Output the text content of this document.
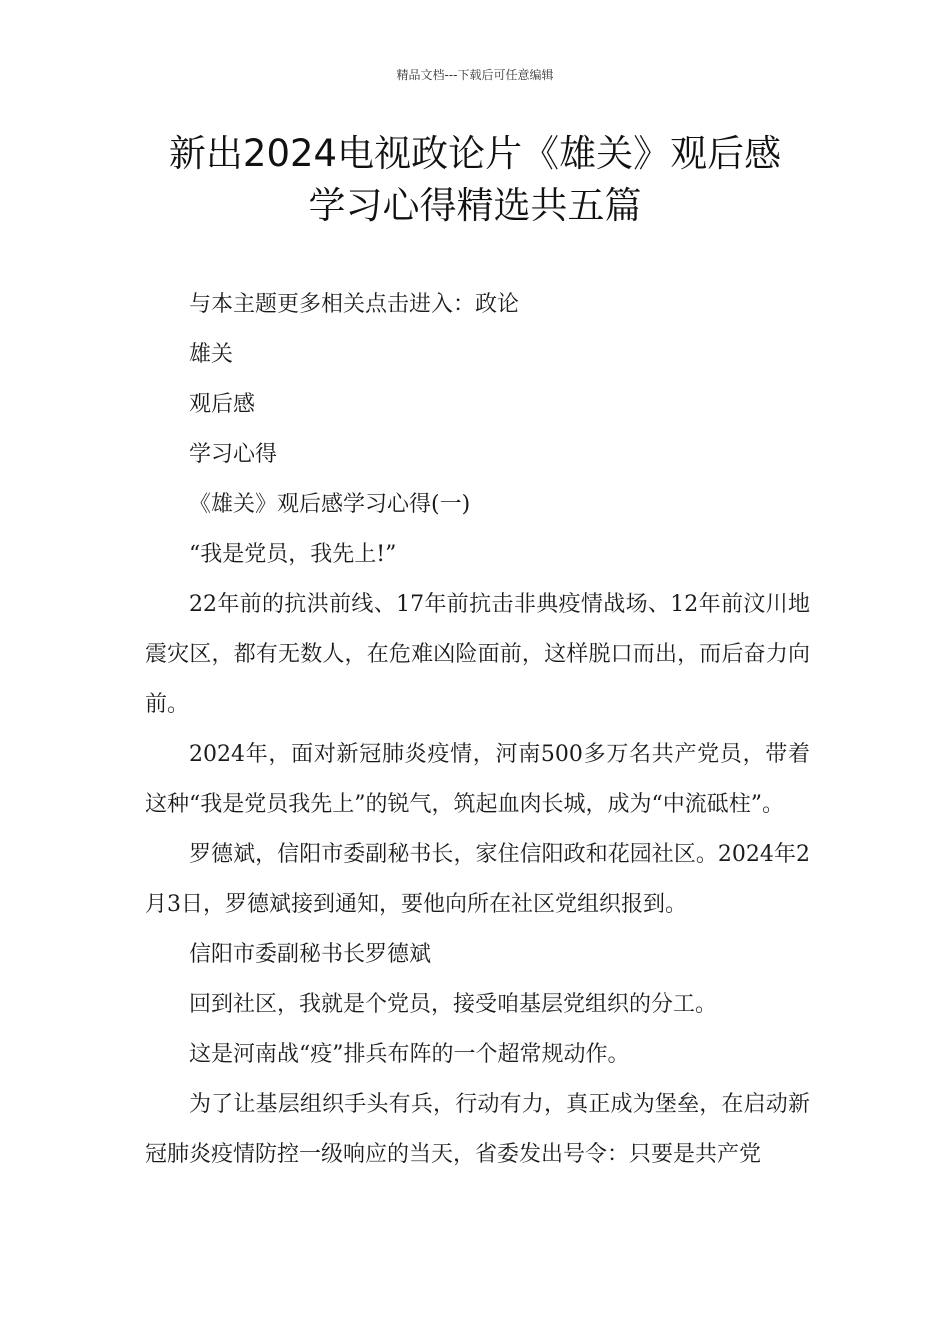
精品文档---下载后可任意编辑
新出2024电视政论片《雄关》观后感
学习心得精选共五篇

与本主题更多相关点击进入：政论

雄关

观后感

学习心得

《雄关》观后感学习心得(一)

“我是党员，我先上!”

22年前的抗洪前线、17年前抗击非典疫情战场、12年前汶川地震灾区，都有无数人，在危难凶险面前，这样脱口而出，而后奋力向前。

2024年，面对新冠肺炎疫情，河南500多万名共产党员，带着这种“我是党员我先上”的锐气，筑起血肉长城，成为“中流砥柱”。

罗德斌，信阳市委副秘书长，家住信阳政和花园社区。2024年2月3日，罗德斌接到通知，要他向所在社区党组织报到。

信阳市委副秘书长罗德斌

回到社区，我就是个党员，接受咱基层党组织的分工。

这是河南战“疫”排兵布阵的一个超常规动作。

为了让基层组织手头有兵，行动有力，真正成为堡垒，在启动新冠肺炎疫情防控一级响应的当天，省委发出号令：只要是共产党
